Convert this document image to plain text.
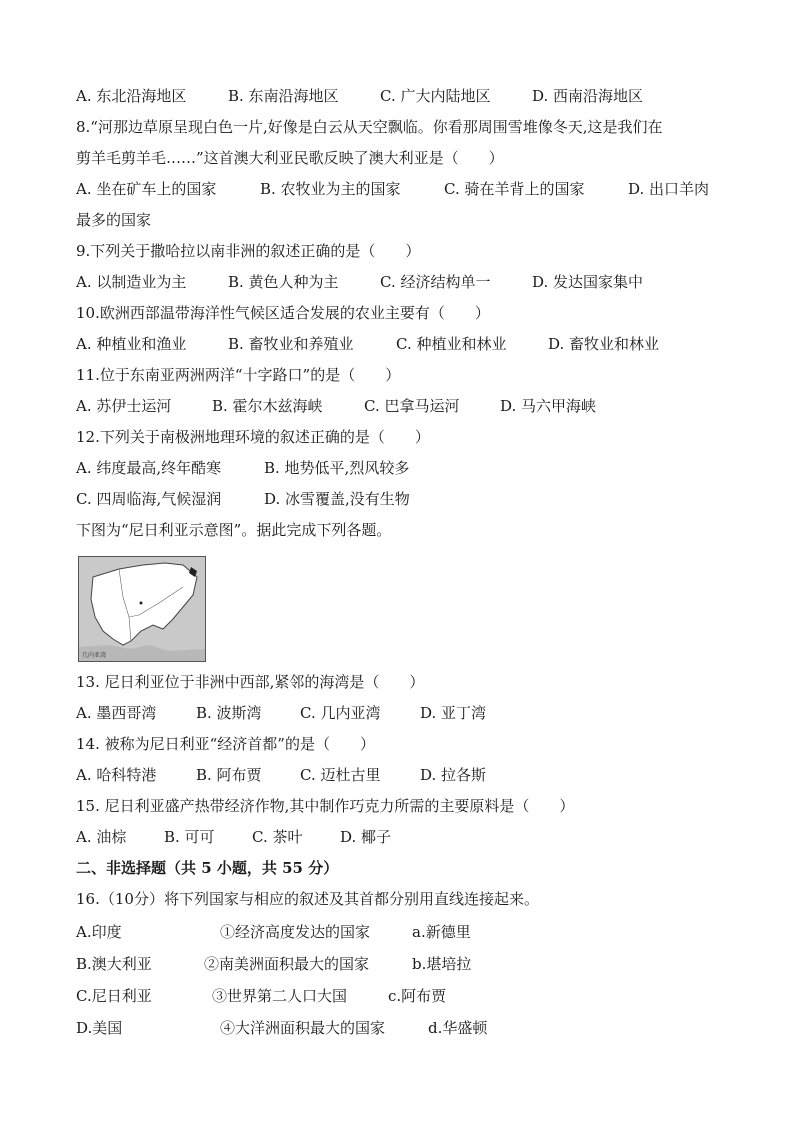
A. 东北沿海地区	B. 东南沿海地区	C. 广大内陆地区	D. 西南沿海地区
8.“河那边草原呈现白色一片,好像是白云从天空飘临。你看那周围雪堆像冬天,这是我们在
剪羊毛剪羊毛……”这首澳大利亚民歌反映了澳大利亚是（　　）
A. 坐在矿车上的国家	B. 农牧业为主的国家	C. 骑在羊背上的国家	D. 出口羊肉
最多的国家
9.下列关于撒哈拉以南非洲的叙述正确的是（　　）
A. 以制造业为主	B. 黄色人种为主	C. 经济结构单一	D. 发达国家集中
10.欧洲西部温带海洋性气候区适合发展的农业主要有（　　）
A. 种植业和渔业	B. 畜牧业和养殖业	C. 种植业和林业	D. 畜牧业和林业
11.位于东南亚两洲两洋“十字路口”的是（　　）
A. 苏伊士运河	B. 霍尔木兹海峡	C. 巴拿马运河	D. 马六甲海峡
12.下列关于南极洲地理环境的叙述正确的是（　　）
A. 纬度最高,终年酷寒	B. 地势低平,烈风较多
C. 四周临海,气候湿润	D. 冰雪覆盖,没有生物
下图为“尼日利亚示意图”。据此完成下列各题。
几内亚湾
13. 尼日利亚位于非洲中西部,紧邻的海湾是（　　）
A. 墨西哥湾	B. 波斯湾	C. 几内亚湾	D. 亚丁湾
14. 被称为尼日利亚“经济首都”的是（　　）
A. 哈科特港	B. 阿布贾	C. 迈杜古里	D. 拉各斯
15. 尼日利亚盛产热带经济作物,其中制作巧克力所需的主要原料是（　　）
A. 油棕	B. 可可 C. 茶叶	D. 椰子
二、非选择题（共 5 小题，共 55 分）
16.（10分）将下列国家与相应的叙述及其首都分别用直线连接起来。
A.印度	①经济高度发达的国家	a.新德里
B.澳大利亚	②南美洲面积最大的国家	b.堪培拉
C.尼日利亚	③世界第二人口大国	c.阿布贾
D.美国	④大洋洲面积最大的国家	d.华盛顿
